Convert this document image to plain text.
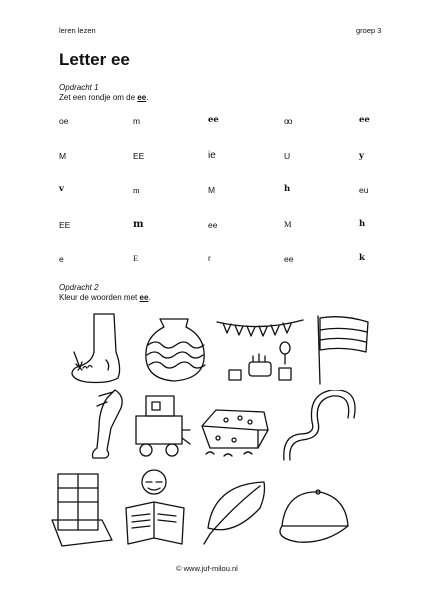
leren lezen	groep 3
Letter ee
Opdracht 1
Zet een rondje om de ee.
oe	m	ee	oo	ee
M	EE	ie	U	y
v	m	M	h	eu
EE	m	ee	M	h
e	E	r	ee	k
Opdracht 2
Kleur de woorden met ee.
© www.juf-milou.nl
